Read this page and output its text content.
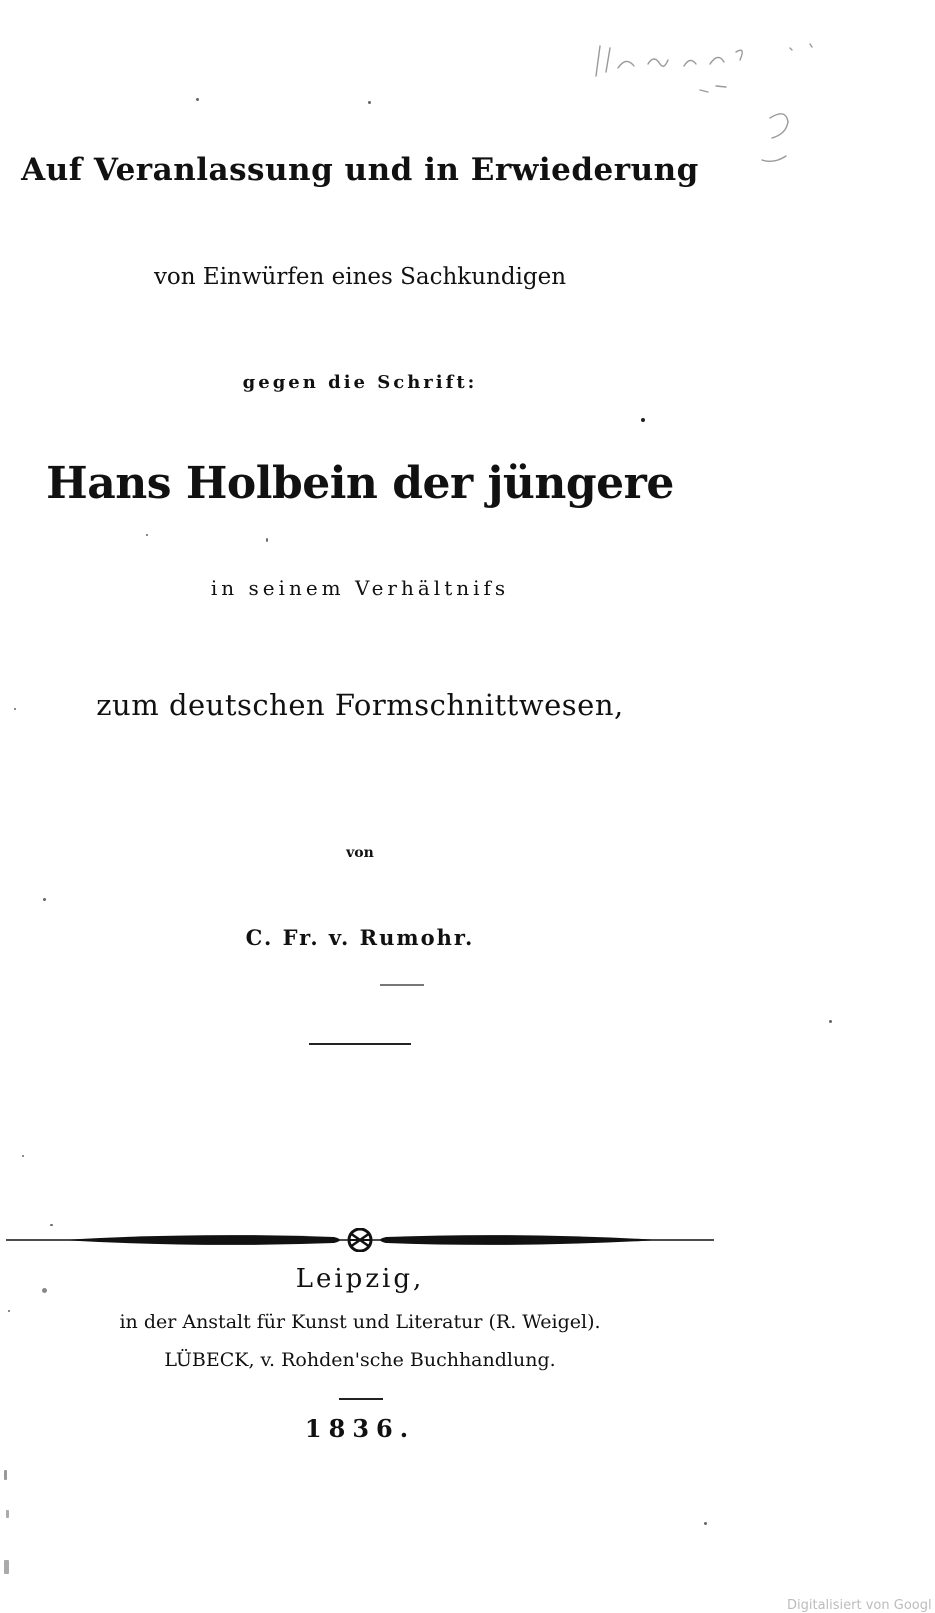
Auf Veranlassung und in Erwiederung
von Einwürfen eines Sachkundigen
gegen die Schrift:
Hans Holbein der jüngere
in seinem Verhältnifs
zum deutschen Formschnittwesen,
von
C. Fr. v. Rumohr.
Leipzig,
in der Anstalt für Kunst und Literatur (R. Weigel).
LÜBECK, v. Rohden'sche Buchhandlung.
1836.
Digitalisiert von Googl
